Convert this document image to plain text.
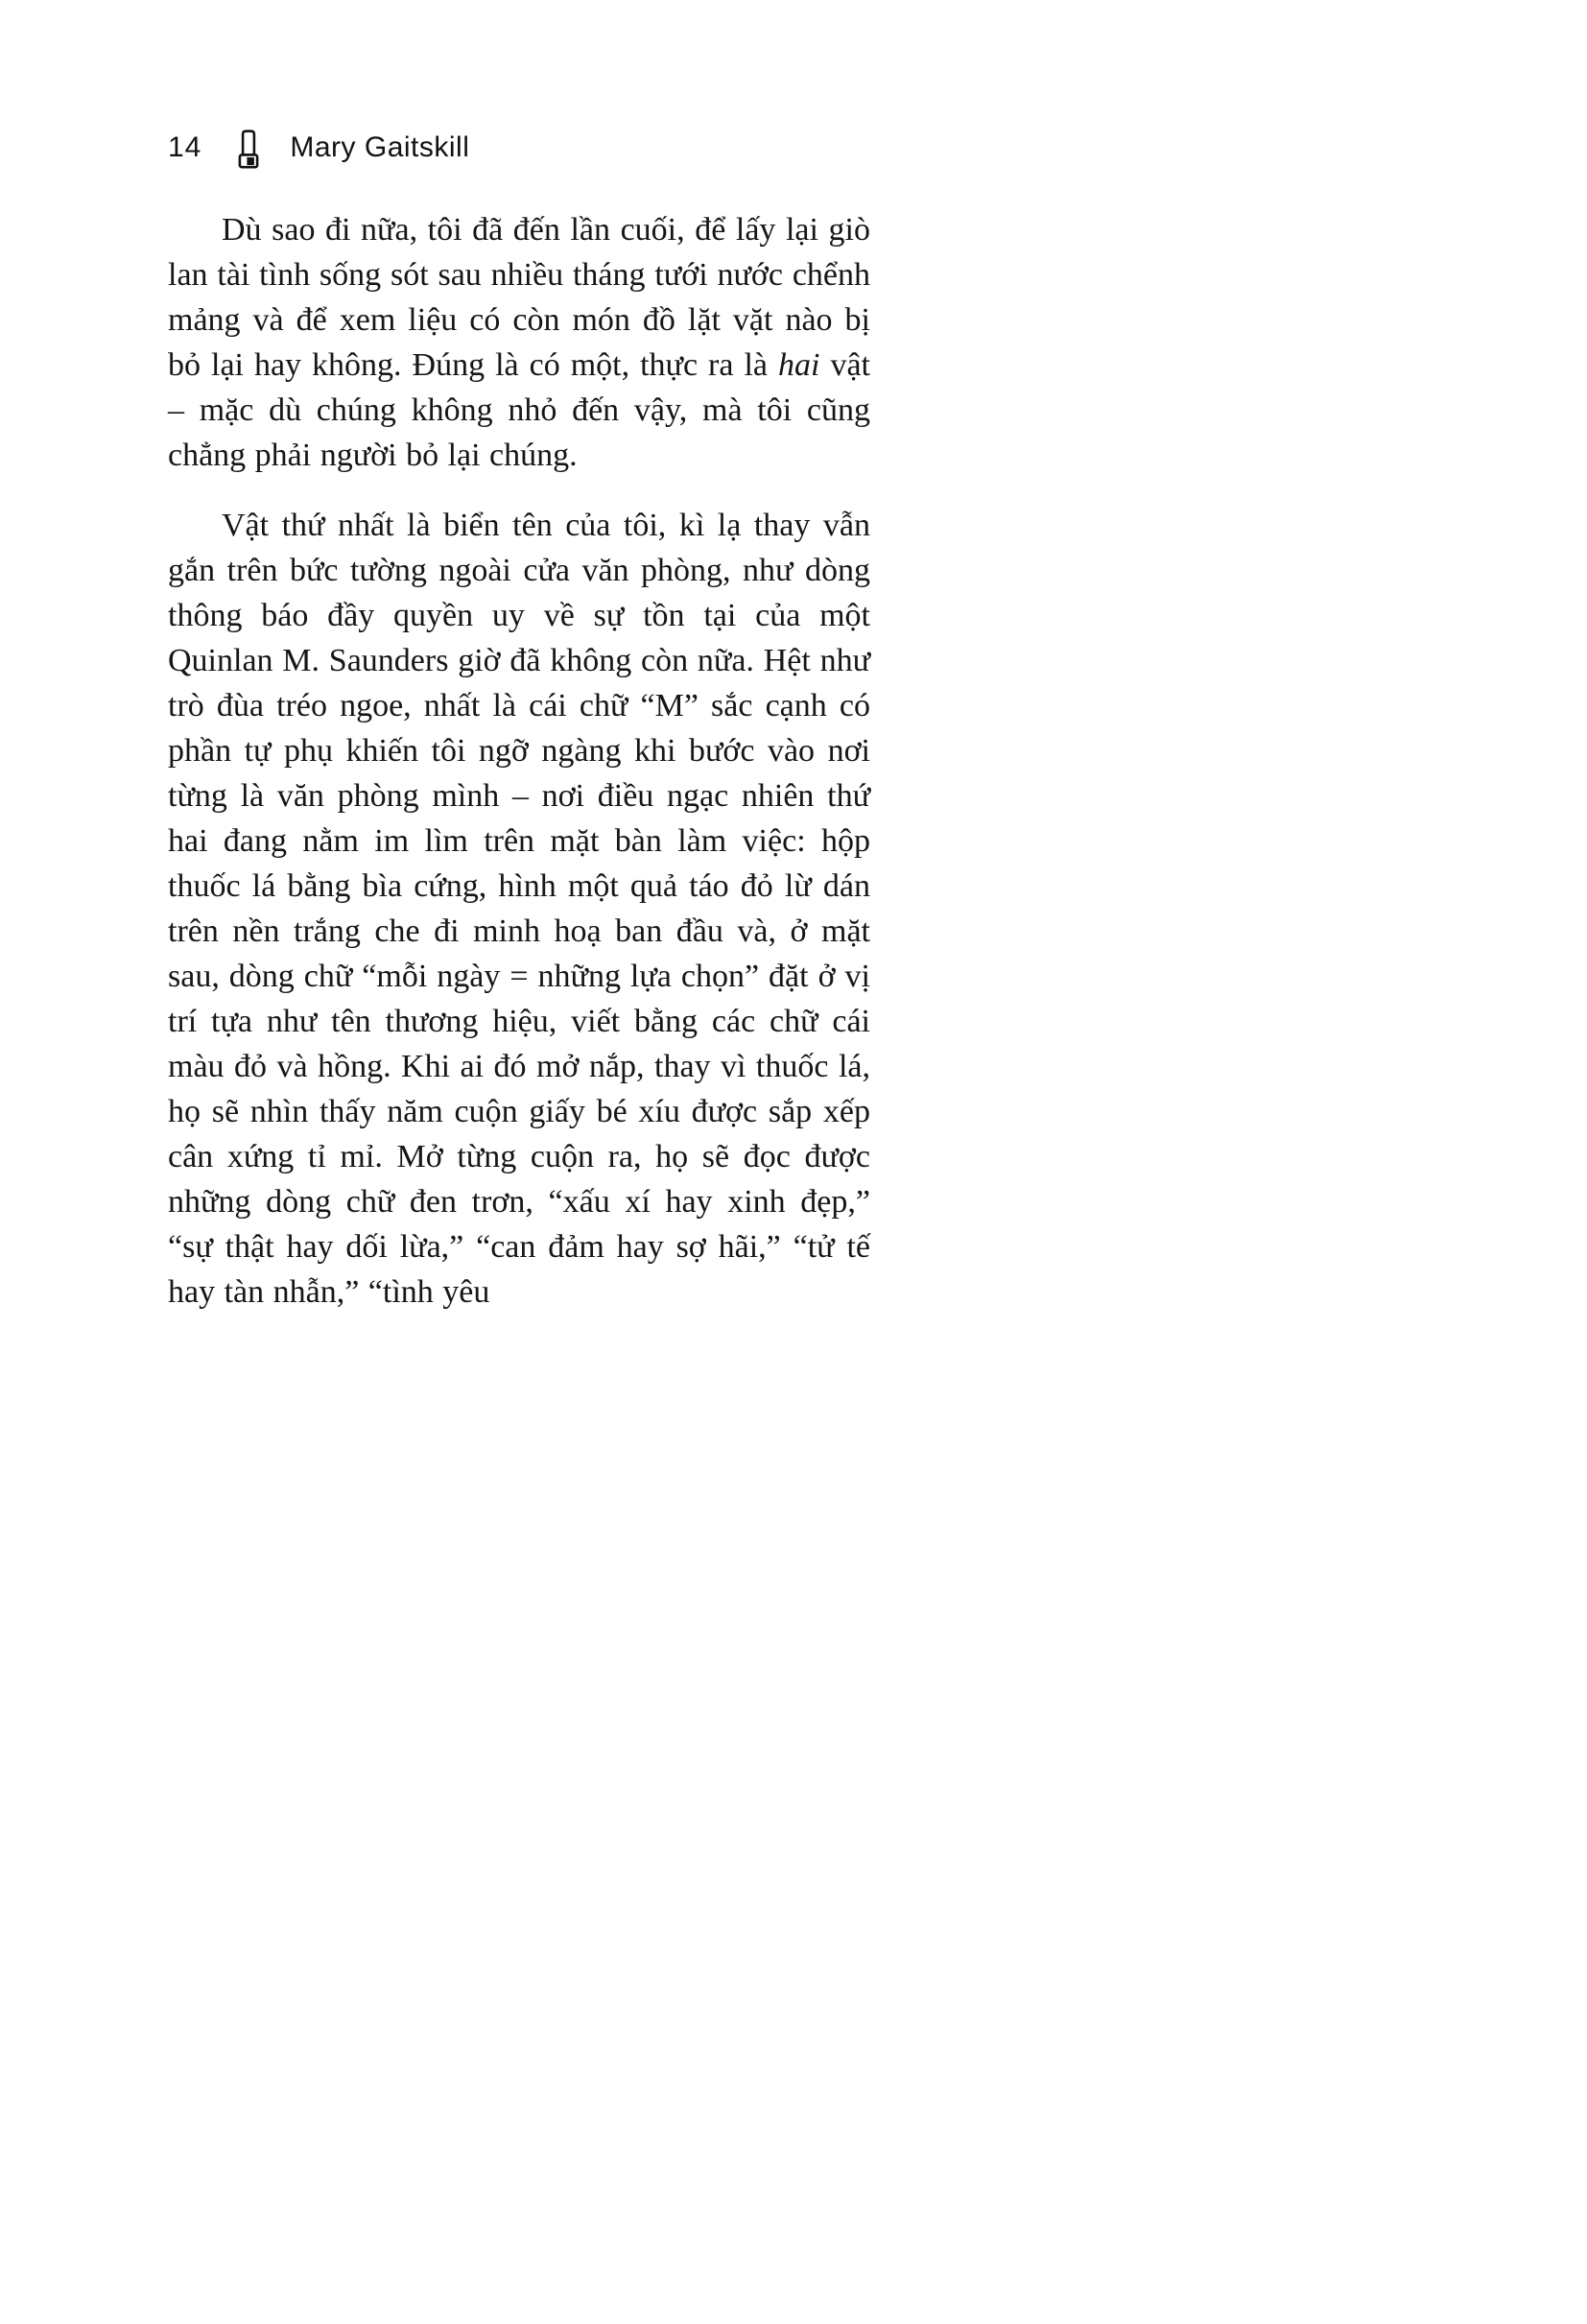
14	Mary Gaitskill

Dù sao đi nữa, tôi đã đến lần cuối, để lấy lại giò lan tài tình sống sót sau nhiều tháng tưới nước chểnh mảng và để xem liệu có còn món đồ lặt vặt nào bị bỏ lại hay không. Đúng là có một, thực ra là hai vật – mặc dù chúng không nhỏ đến vậy, mà tôi cũng chẳng phải người bỏ lại chúng.

Vật thứ nhất là biển tên của tôi, kì lạ thay vẫn gắn trên bức tường ngoài cửa văn phòng, như dòng thông báo đầy quyền uy về sự tồn tại của một Quinlan M. Saunders giờ đã không còn nữa. Hệt như trò đùa tréo ngoe, nhất là cái chữ “M” sắc cạnh có phần tự phụ khiến tôi ngỡ ngàng khi bước vào nơi từng là văn phòng mình – nơi điều ngạc nhiên thứ hai đang nằm im lìm trên mặt bàn làm việc: hộp thuốc lá bằng bìa cứng, hình một quả táo đỏ lừ dán trên nền trắng che đi minh hoạ ban đầu và, ở mặt sau, dòng chữ “mỗi ngày = những lựa chọn” đặt ở vị trí tựa như tên thương hiệu, viết bằng các chữ cái màu đỏ và hồng. Khi ai đó mở nắp, thay vì thuốc lá, họ sẽ nhìn thấy năm cuộn giấy bé xíu được sắp xếp cân xứng tỉ mỉ. Mở từng cuộn ra, họ sẽ đọc được những dòng chữ đen trơn, “xấu xí hay xinh đẹp,” “sự thật hay dối lừa,” “can đảm hay sợ hãi,” “tử tế hay tàn nhẫn,” “tình yêu
